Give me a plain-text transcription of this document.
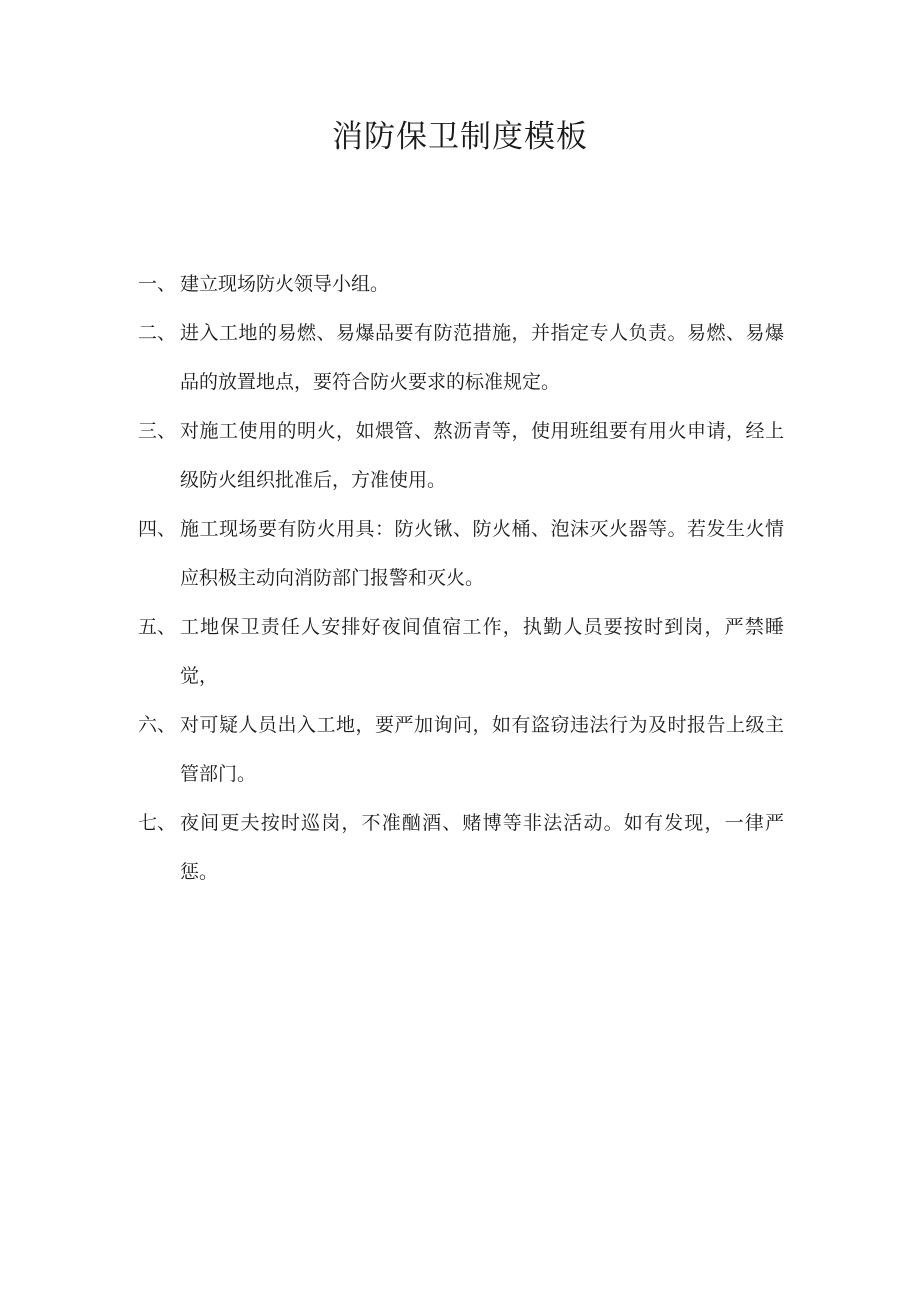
消防保卫制度模板
一、 建立现场防火领导小组。
二、 进入工地的易燃、易爆品要有防范措施，并指定专人负责。易燃、易爆品的放置地点，要符合防火要求的标准规定。
三、 对施工使用的明火，如煨管、熬沥青等，使用班组要有用火申请，经上级防火组织批准后，方准使用。
四、 施工现场要有防火用具：防火锹、防火桶、泡沫灭火器等。若发生火情应积极主动向消防部门报警和灭火。
五、 工地保卫责任人安排好夜间值宿工作，执勤人员要按时到岗，严禁睡觉，
六、 对可疑人员出入工地，要严加询问，如有盗窃违法行为及时报告上级主管部门。
七、 夜间更夫按时巡岗，不准酗酒、赌博等非法活动。如有发现，一律严惩。
